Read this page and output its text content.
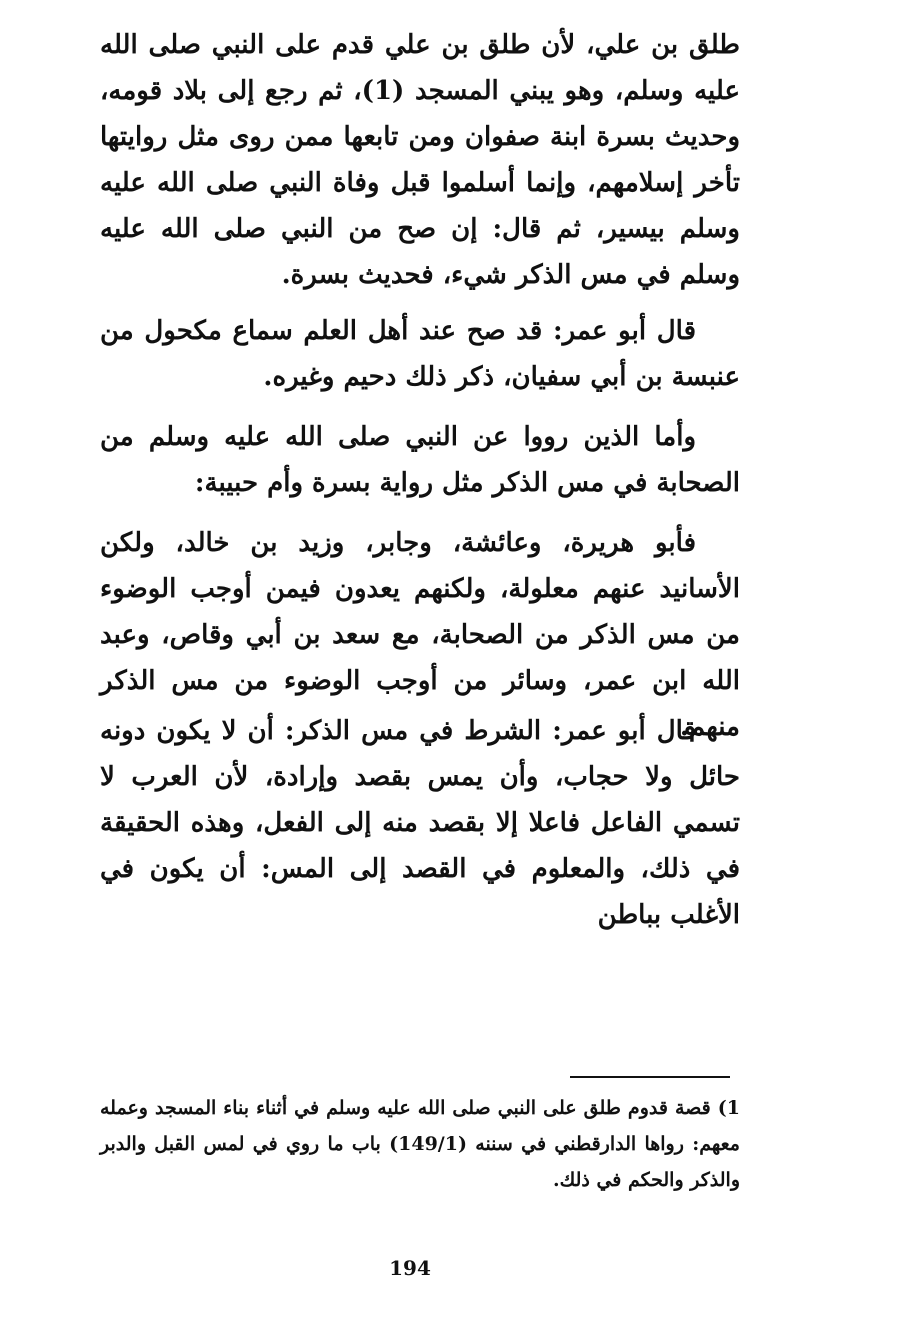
طلق بن علي، لأن طلق بن علي قدم على النبي صلى الله عليه وسلم، وهو يبني المسجد (1)، ثم رجع إلى بلاد قومه، وحديث بسرة ابنة صفوان ومن تابعها ممن روى مثل روايتها تأخر إسلامهم، وإنما أسلموا قبل وفاة النبي صلى الله عليه وسلم بيسير، ثم قال: إن صح من النبي صلى الله عليه وسلم في مس الذكر شيء، فحديث بسرة.

قال أبو عمر: قد صح عند أهل العلم سماع مكحول من عنبسة بن أبي سفيان، ذكر ذلك دحيم وغيره.

وأما الذين رووا عن النبي صلى الله عليه وسلم من الصحابة في مس الذكر مثل رواية بسرة وأم حبيبة:

فأبو هريرة، وعائشة، وجابر، وزيد بن خالد، ولكن الأسانيد عنهم معلولة، ولكنهم يعدون فيمن أوجب الوضوء من مس الذكر من الصحابة، مع سعد بن أبي وقاص، وعبد الله ابن عمر، وسائر من أوجب الوضوء من مس الذكر منهم.

قال أبو عمر: الشرط في مس الذكر: أن لا يكون دونه حائل ولا حجاب، وأن يمس بقصد وإرادة، لأن العرب لا تسمي الفاعل فاعلا إلا بقصد منه إلى الفعل، وهذه الحقيقة في ذلك، والمعلوم في القصد إلى المس: أن يكون في الأغلب بباطن

1) قصة قدوم طلق على النبي صلى الله عليه وسلم في أثناء بناء المسجد وعمله معهم: رواها الدارقطني في سننه (149/1) باب ما روي في لمس القبل والدبر والذكر والحكم في ذلك.

194
